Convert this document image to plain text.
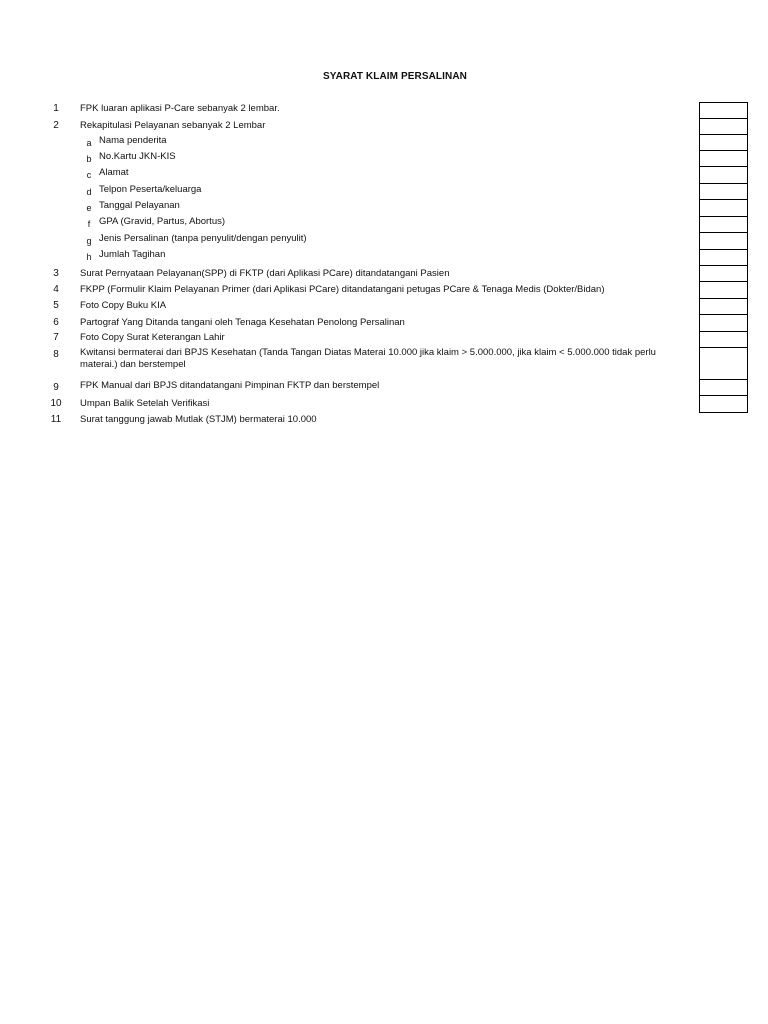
SYARAT KLAIM PERSALINAN
1	FPK luaran aplikasi P-Care sebanyak 2 lembar.
2	Rekapitulasi Pelayanan sebanyak 2 Lembar
a Nama penderita
b No.Kartu JKN-KIS
c Alamat
d Telpon Peserta/keluarga
e Tanggal Pelayanan
f GPA (Gravid, Partus, Abortus)
g Jenis Persalinan (tanpa penyulit/dengan penyulit)
h Jumlah Tagihan
3	Surat Pernyataan Pelayanan(SPP) di FKTP (dari Aplikasi PCare) ditandatangani Pasien
4	FKPP (Formulir Klaim Pelayanan Primer (dari Aplikasi PCare) ditandatangani petugas PCare & Tenaga Medis (Dokter/Bidan)
5	Foto Copy Buku KIA
6	Partograf Yang Ditanda tangani oleh Tenaga Kesehatan Penolong Persalinan
7	Foto Copy Surat Keterangan Lahir
8	Kwitansi bermaterai dari BPJS Kesehatan (Tanda Tangan Diatas Materai 10.000 jika klaim > 5.000.000, jika klaim < 5.000.000 tidak perlu materai.) dan berstempel
9	FPK Manual dari BPJS ditandatangani Pimpinan FKTP dan berstempel
10	Umpan Balik Setelah Verifikasi
11	Surat tanggung jawab Mutlak (STJM) bermaterai 10.000
